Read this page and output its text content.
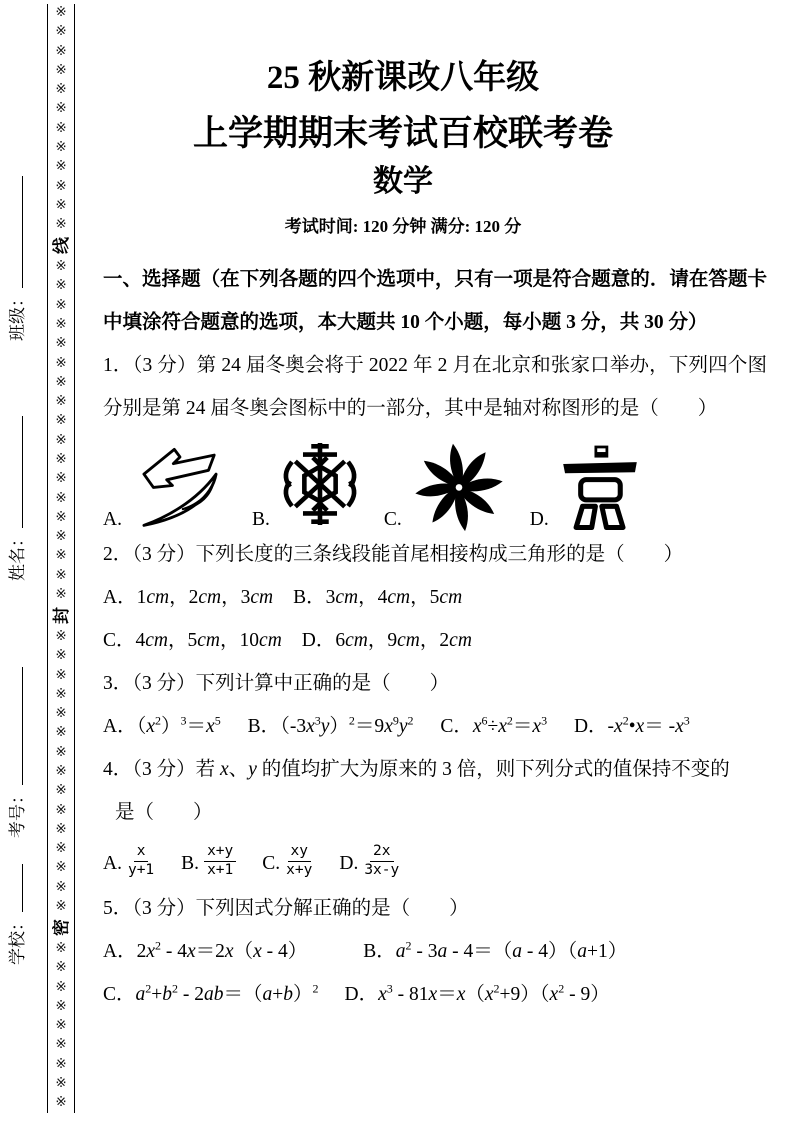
※
※
※
※
※
※
※
※
※
※
※
※
线
※
※
※
※
※
※
※
※
※
※
※
※
※
※
※
※
※
※
封
※
※
※
※
※
※
※
※
※
※
※
※
※
※
※
密
※
※
※
※
※
※
※
※
※
班级：
姓名：
考号：
学校：
25 秋新课改八年级
上学期期末考试百校联考卷
数学
考试时间: 120 分钟 满分: 120 分

一、选择题（在下列各题的四个选项中，只有一项是符合题意的．请在答题卡中填涂符合题意的选项，本大题共 10 个小题，每小题 3 分，共 30 分）

1．（3 分）第 24 届冬奥会将于 2022 年 2 月在北京和张家口举办，下列四个图分别是第 24 届冬奥会图标中的一部分，其中是轴对称图形的是（　　）

A.	B.	C.	D.

2．（3 分）下列长度的三条线段能首尾相接构成三角形的是（　　）

A．1cm，2cm，3cm B．3cm，4cm，5cm
C．4cm，5cm，10cm D．6cm，9cm，2cm

3．（3 分）下列计算中正确的是（　　）

A．$(x^2)^3=x^5$ B．$(-3x^3y)^2=9x^9y^2$ C．$x^6\div x^2=x^3$ D．$-x^2•x= -x^3$

4．（3 分）若 x、y 的值均扩大为原来的 3 倍，则下列分式的值保持不变的

是（　　）

A. $\frac{x}{y+1} B$. $\frac{x+y}{x+1} C$. $\frac{xy}{x+y} D$. $\frac{2x}{3x-y}$

5．（3 分）下列因式分解正确的是（　　）

A．$2x^2 - 4x=2x(x - 4)$	B．$a^2 - 3a - 4=(a - 4)(a+1)$
C．$a^2+b^2 - 2ab=(a+b)^2$ D．$x^3 - 81x=x(x^2+9)(x^2 - 9)$
